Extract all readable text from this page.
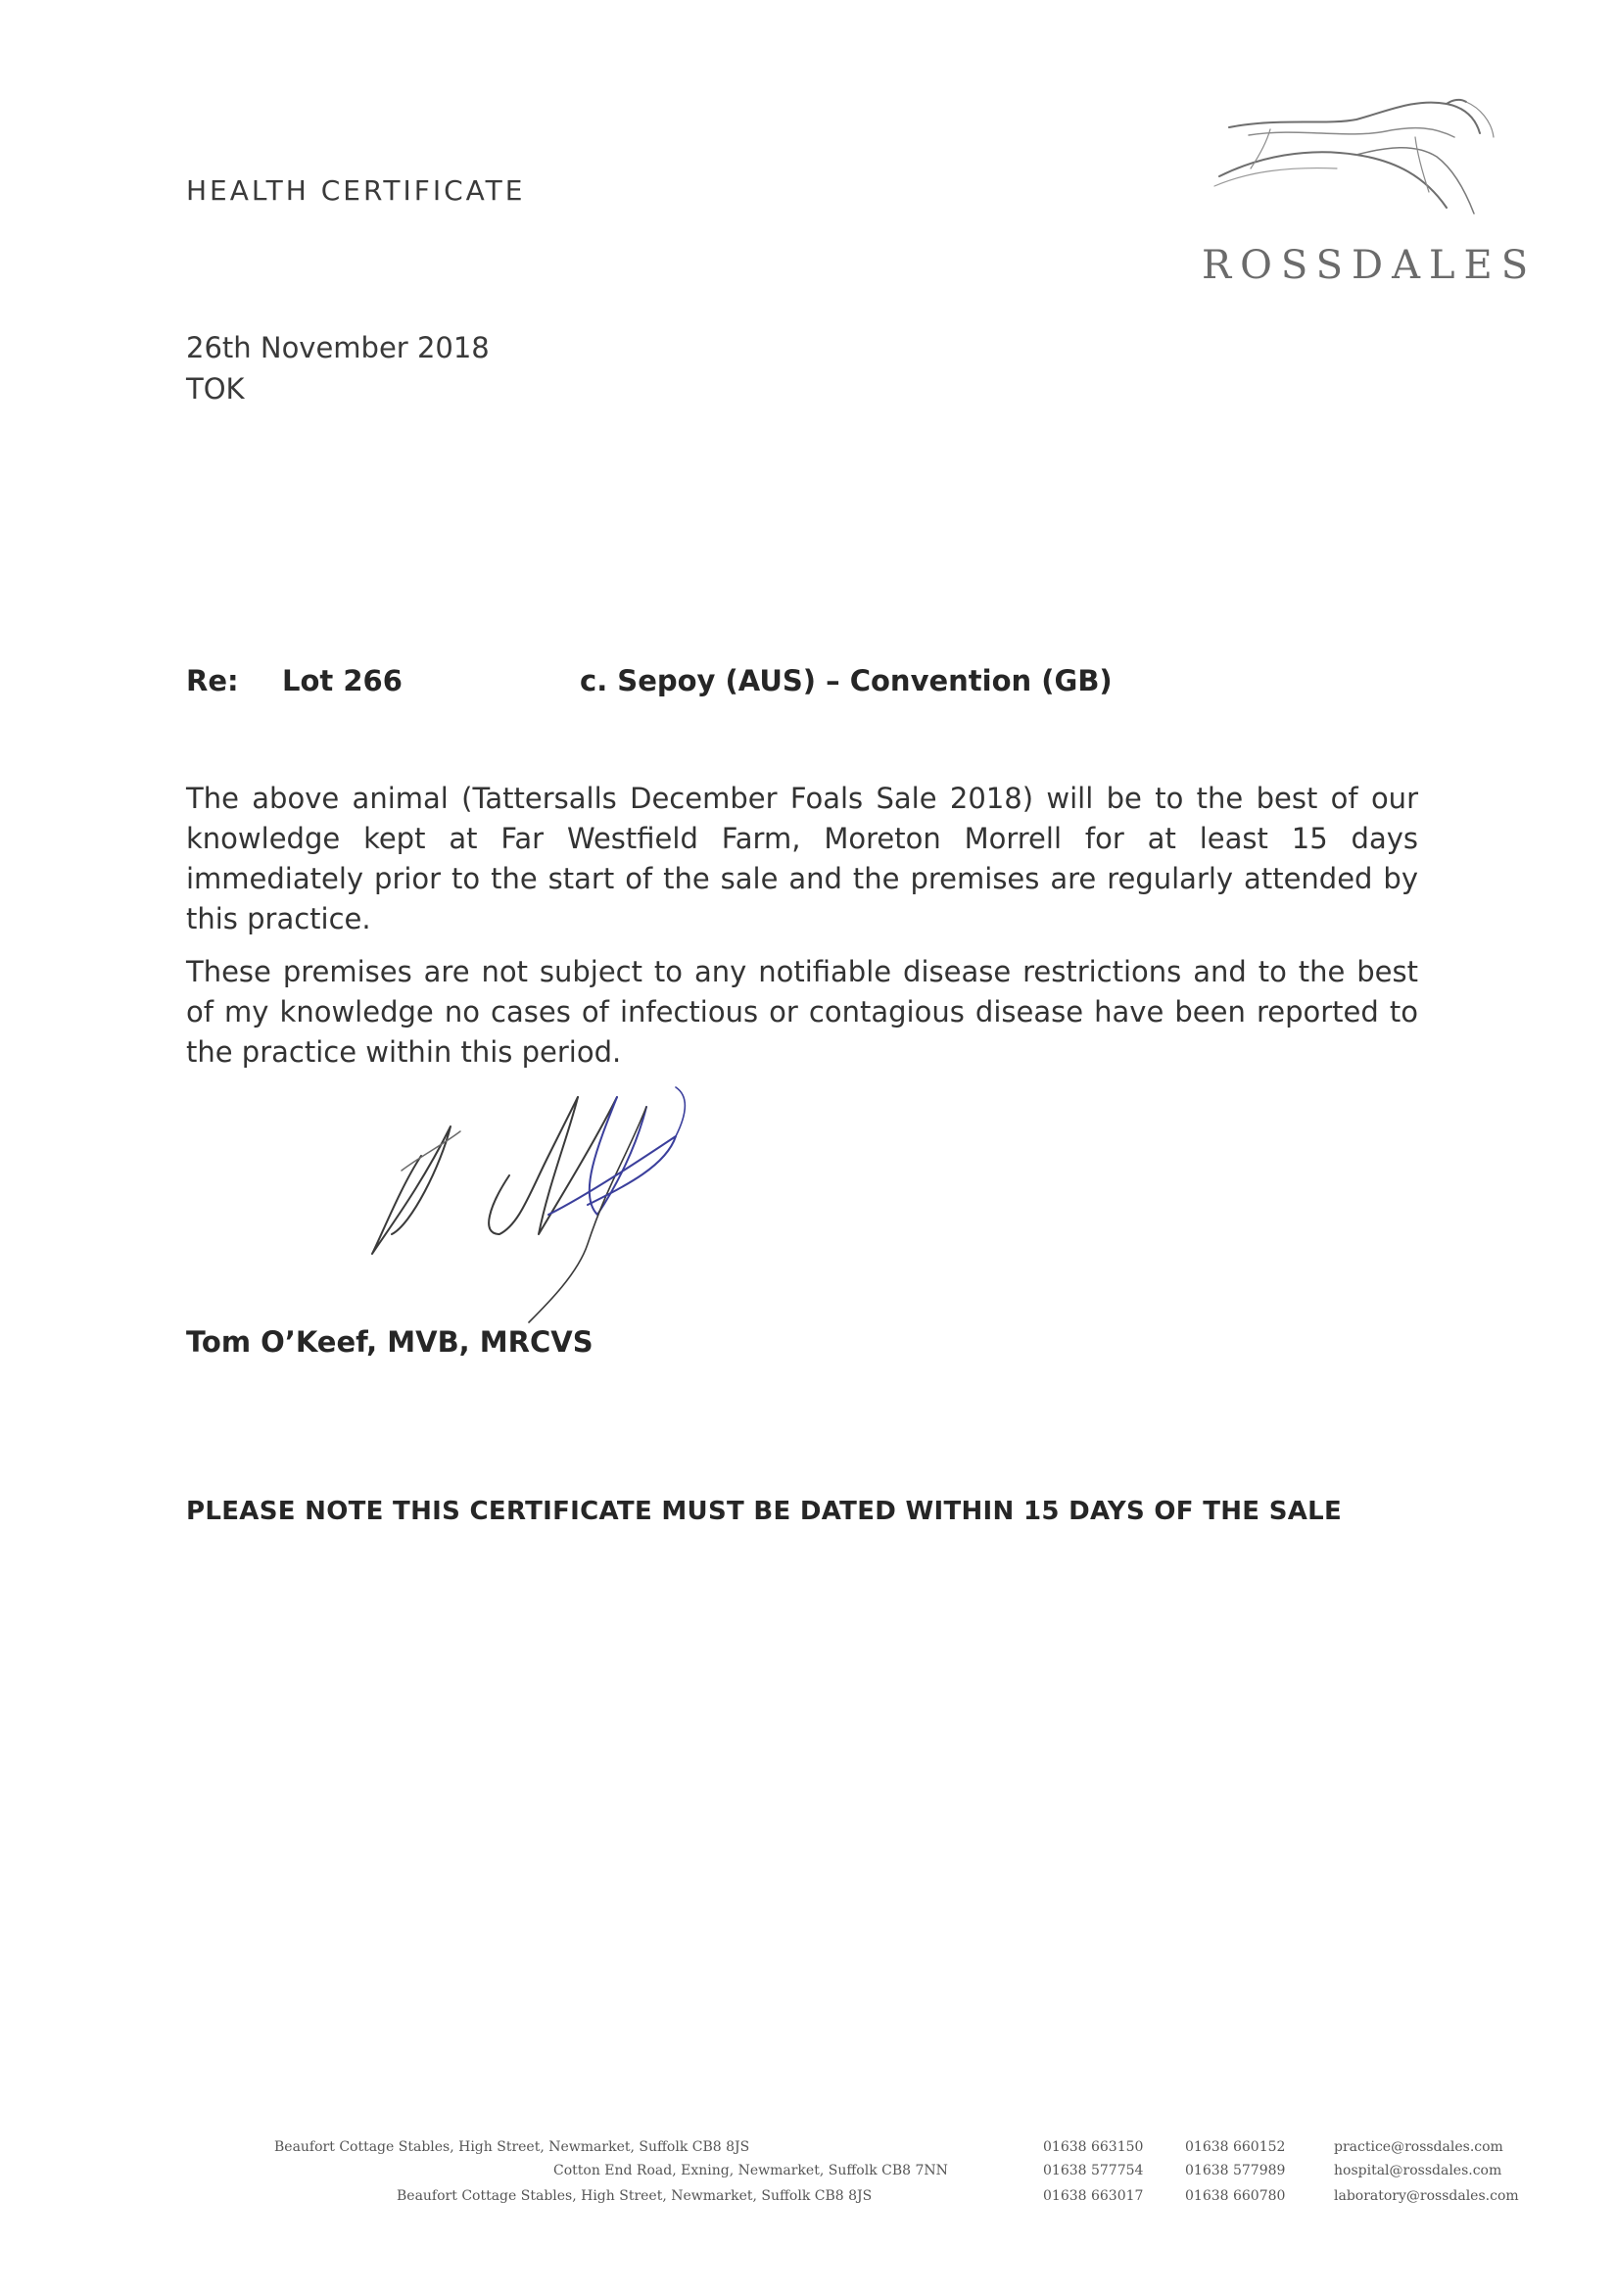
HEALTH CERTIFICATE
ROSSDALES
26th November 2018
TOK
Re: Lot 266	c. Sepoy (AUS) – Convention (GB)

The above animal (Tattersalls December Foals Sale 2018) will be to the best of our knowledge kept at Far Westfield Farm, Moreton Morrell for at least 15 days immediately prior to the start of the sale and the premises are regularly attended by this practice.

These premises are not subject to any notifiable disease restrictions and to the best of my knowledge no cases of infectious or contagious disease have been reported to the practice within this period.

Tom O’Keef, MVB, MRCVS
PLEASE NOTE THIS CERTIFICATE MUST BE DATED WITHIN 15 DAYS OF THE SALE
Beaufort Cottage Stables, High Street, Newmarket, Suffolk CB8 8JS
Cotton End Road, Exning, Newmarket, Suffolk CB8 7NN
Beaufort Cottage Stables, High Street, Newmarket, Suffolk CB8 8JS
01638 663150	01638 660152	practice@rossdales.com
01638 577754	01638 577989	hospital@rossdales.com
01638 663017	01638 660780	laboratory@rossdales.com
